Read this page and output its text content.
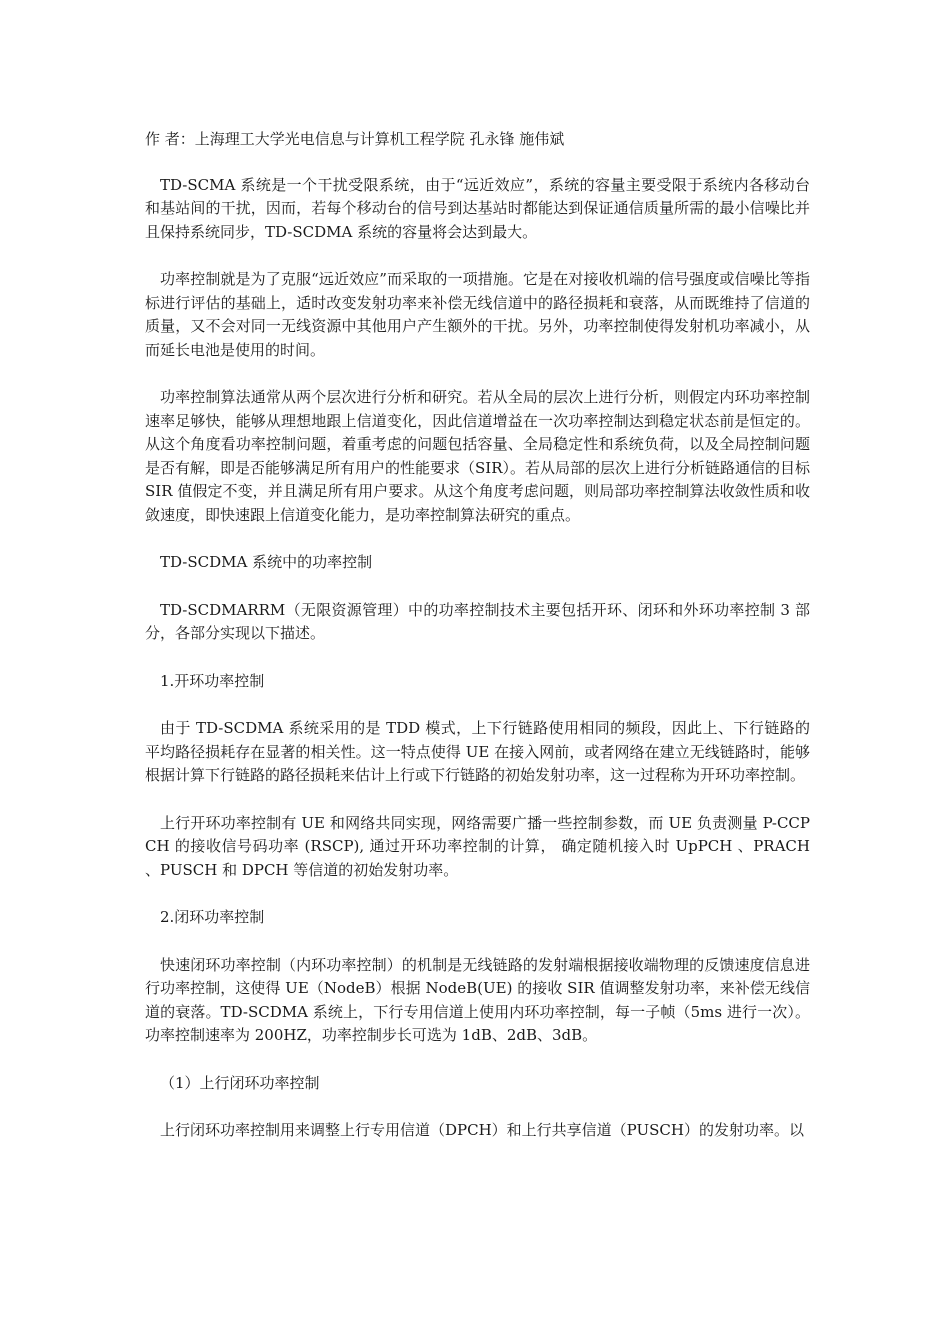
作 者：上海理工大学光电信息与计算机工程学院 孔永锋 施伟斌

TD-SCMA 系统是一个干扰受限系统，由于“远近效应”，系统的容量主要受限于系统内各移动台和基站间的干扰，因而，若每个移动台的信号到达基站时都能达到保证通信质量所需的最小信噪比并且保持系统同步，TD-SCDMA 系统的容量将会达到最大。

功率控制就是为了克服“远近效应”而采取的一项措施。它是在对接收机端的信号强度或信噪比等指标进行评估的基础上，适时改变发射功率来补偿无线信道中的路径损耗和衰落，从而既维持了信道的质量，又不会对同一无线资源中其他用户产生额外的干扰。另外，功率控制使得发射机功率减小，从而延长电池是使用的时间。

功率控制算法通常从两个层次进行分析和研究。若从全局的层次上进行分析，则假定内环功率控制速率足够快，能够从理想地跟上信道变化，因此信道增益在一次功率控制达到稳定状态前是恒定的。从这个角度看功率控制问题，着重考虑的问题包括容量、全局稳定性和系统负荷，以及全局控制问题是否有解，即是否能够满足所有用户的性能要求（SIR）。若从局部的层次上进行分析链路通信的目标 SIR 值假定不变，并且满足所有用户要求。从这个角度考虑问题，则局部功率控制算法收敛性质和收敛速度，即快速跟上信道变化能力，是功率控制算法研究的重点。

TD-SCDMA 系统中的功率控制

TD-SCDMARRM（无限资源管理）中的功率控制技术主要包括开环、闭环和外环功率控制 3 部分，各部分实现以下描述。

1.开环功率控制

由于 TD-SCDMA 系统采用的是 TDD 模式，上下行链路使用相同的频段，因此上、下行链路的平均路径损耗存在显著的相关性。这一特点使得 UE 在接入网前，或者网络在建立无线链路时，能够根据计算下行链路的路径损耗来估计上行或下行链路的初始发射功率，这一过程称为开环功率控制。

上行开环功率控制有 UE 和网络共同实现，网络需要广播一些控制参数，而 UE 负责测量 P-CCPCH 的接收信号码功率 (RSCP), 通过开环功率控制的计算， 确定随机接入时 UpPCH 、PRACH 、PUSCH 和 DPCH 等信道的初始发射功率。

2.闭环功率控制

快速闭环功率控制（内环功率控制）的机制是无线链路的发射端根据接收端物理的反馈速度信息进行功率控制，这使得 UE（NodeB）根据 NodeB(UE) 的接收 SIR 值调整发射功率，来补偿无线信道的衰落。TD-SCDMA 系统上，下行专用信道上使用内环功率控制，每一子帧（5ms 进行一次）。功率控制速率为 200HZ，功率控制步长可选为 1dB、2dB、3dB。

（1）上行闭环功率控制

上行闭环功率控制用来调整上行专用信道（DPCH）和上行共享信道（PUSCH）的发射功率。以
